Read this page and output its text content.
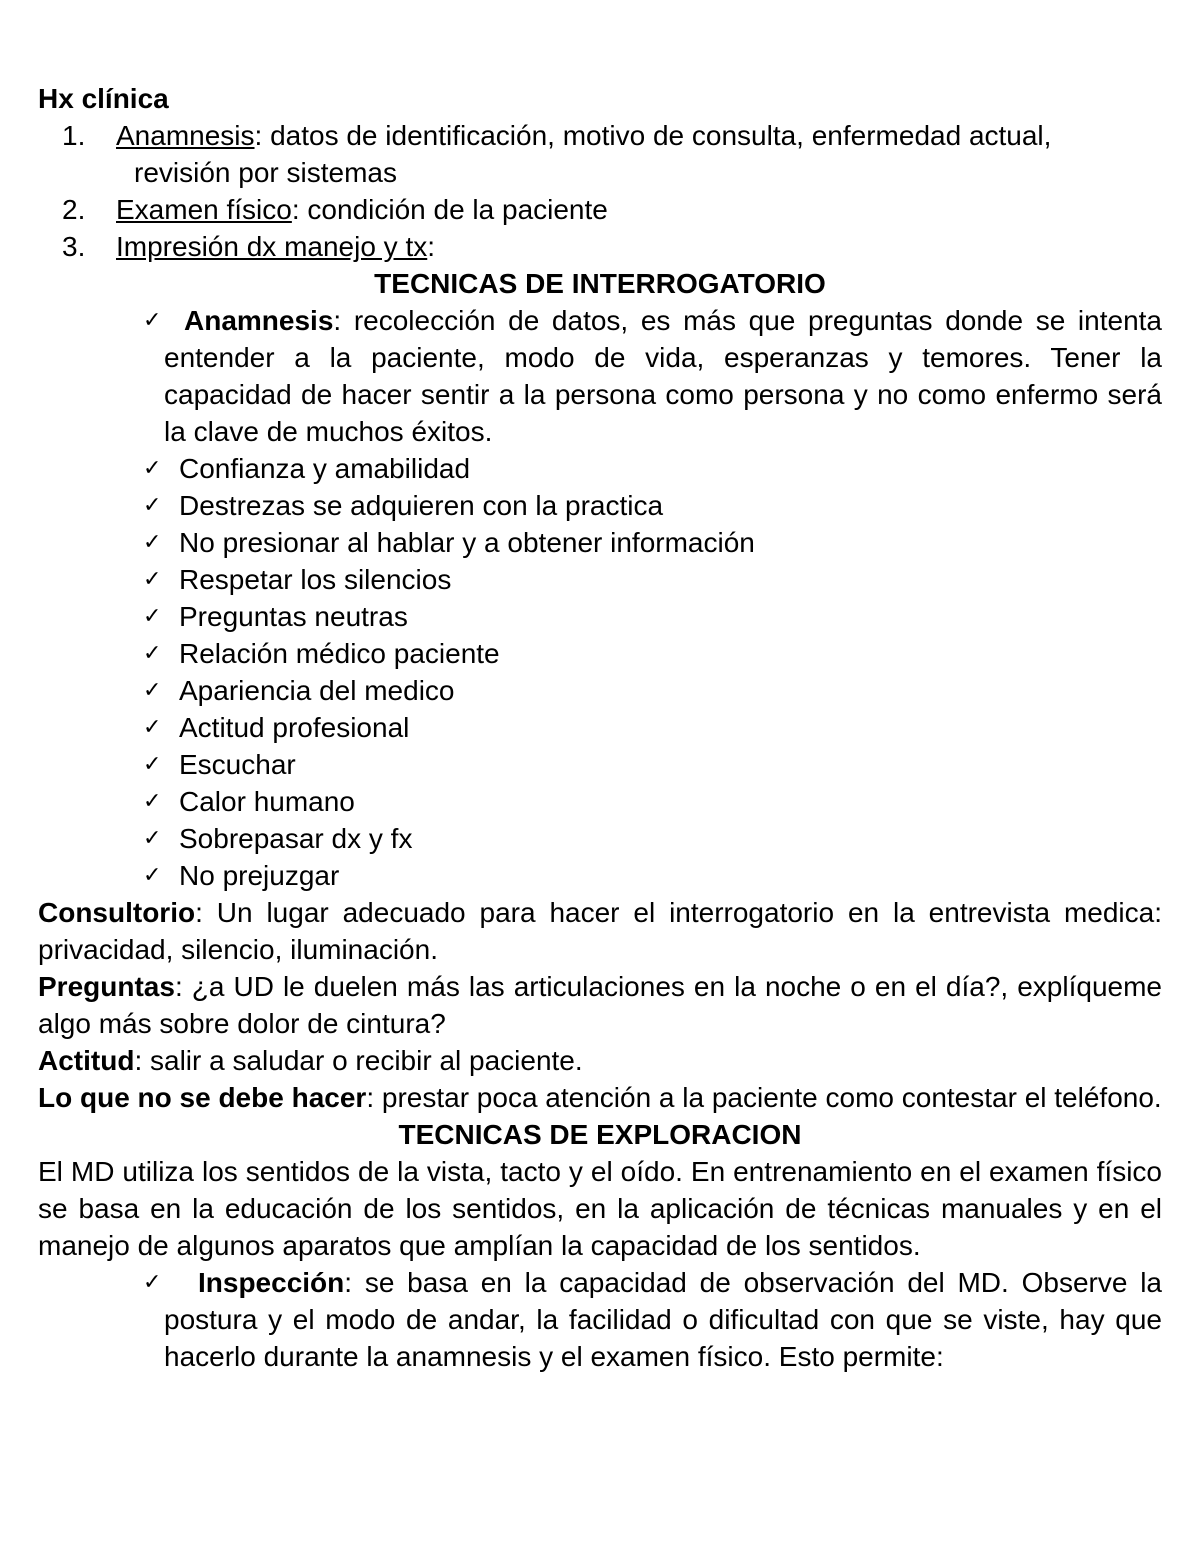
Hx clínica

1. Anamnesis: datos de identificación, motivo de consulta, enfermedad actual,
revisión por sistemas
2. Examen físico: condición de la paciente
3. Impresión dx manejo y tx:

TECNICAS DE INTERROGATORIO

✓ Anamnesis: recolección de datos, es más que preguntas donde se intenta entender a la paciente, modo de vida, esperanzas y temores. Tener la capacidad de hacer sentir a la persona como persona y no como enfermo será la clave de muchos éxitos.
✓ Confianza y amabilidad
✓ Destrezas se adquieren con la practica
✓ No presionar al hablar y a obtener información
✓ Respetar los silencios
✓ Preguntas neutras
✓ Relación médico paciente
✓ Apariencia del medico
✓ Actitud profesional
✓ Escuchar
✓ Calor humano
✓ Sobrepasar dx y fx
✓ No prejuzgar

Consultorio: Un lugar adecuado para hacer el interrogatorio en la entrevista medica: privacidad, silencio, iluminación.

Preguntas: ¿a UD le duelen más las articulaciones en la noche o en el día?, explíqueme algo más sobre dolor de cintura?

Actitud: salir a saludar o recibir al paciente.

Lo que no se debe hacer: prestar poca atención a la paciente como contestar el teléfono.

TECNICAS DE EXPLORACION

El MD utiliza los sentidos de la vista, tacto y el oído. En entrenamiento en el examen físico se basa en la educación de los sentidos, en la aplicación de técnicas manuales y en el manejo de algunos aparatos que amplían la capacidad de los sentidos.

✓ Inspección: se basa en la capacidad de observación del MD. Observe la postura y el modo de andar, la facilidad o dificultad con que se viste, hay que hacerlo durante la anamnesis y el examen físico. Esto permite:
